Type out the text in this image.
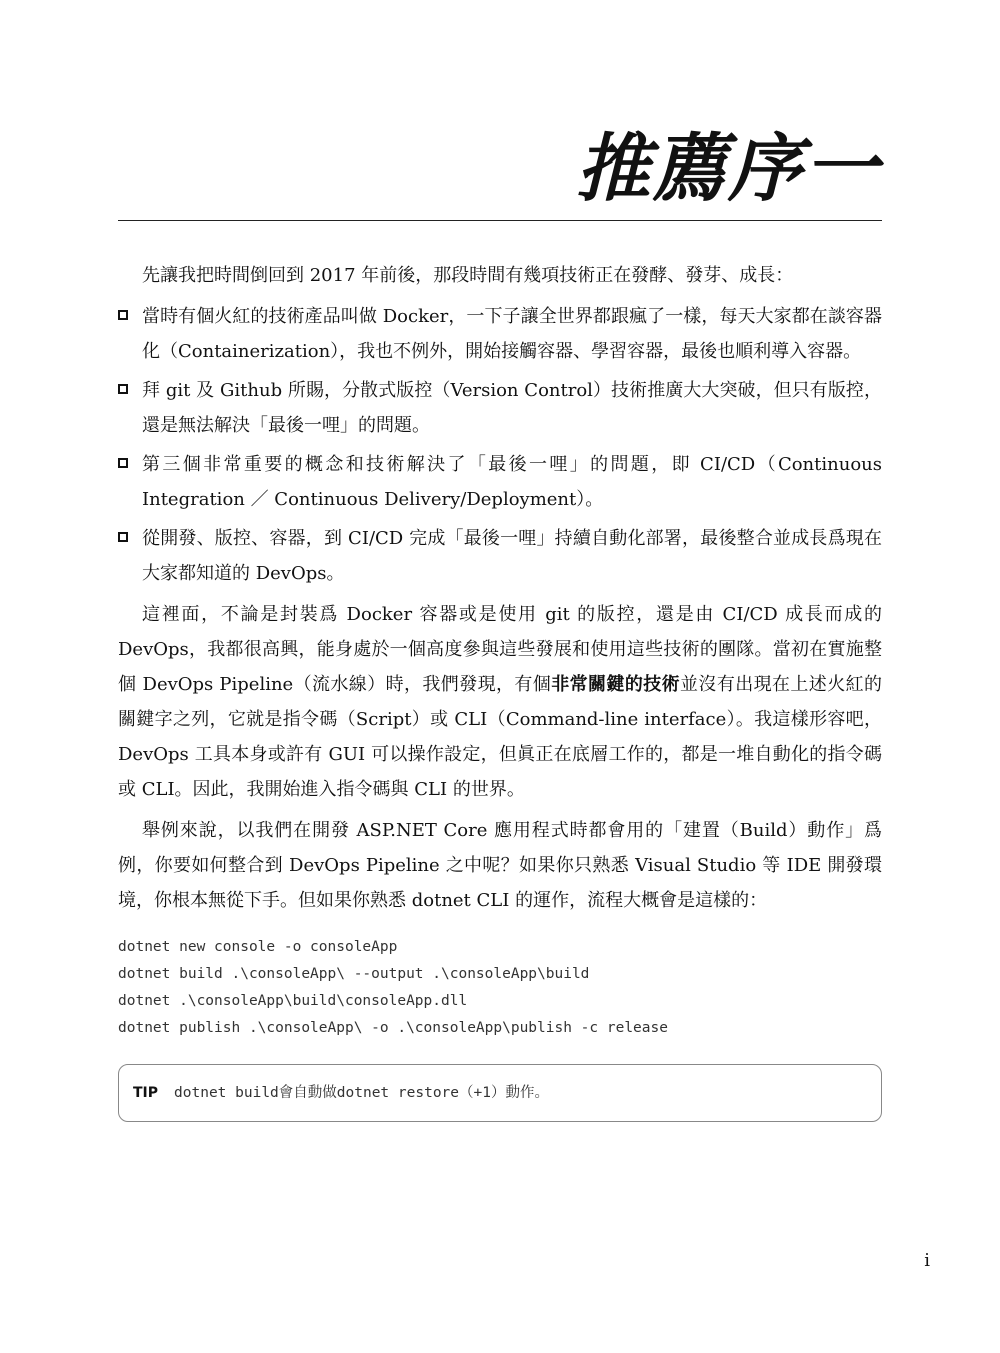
推薦序一

先讓我把時間倒回到 2017 年前後，那段時間有幾項技術正在發酵、發芽、成長：

當時有個火紅的技術產品叫做 Docker，一下子讓全世界都跟瘋了一樣，每天大家都在談容器化（Containerization），我也不例外，開始接觸容器、學習容器，最後也順利導入容器。
拜 git 及 Github 所賜，分散式版控（Version Control）技術推廣大大突破，但只有版控，還是無法解決「最後一哩」的問題。
第三個非常重要的概念和技術解決了「最後一哩」的問題，即 CI/CD（Continuous Integration ／ Continuous Delivery/Deployment）。
從開發、版控、容器，到 CI/CD 完成「最後一哩」持續自動化部署，最後整合並成長爲現在大家都知道的 DevOps。

這裡面，不論是封裝爲 Docker 容器或是使用 git 的版控，還是由 CI/CD 成長而成的 DevOps，我都很高興，能身處於一個高度參與這些發展和使用這些技術的團隊。當初在實施整個 DevOps Pipeline（流水線）時，我們發現，有個非常關鍵的技術並沒有出現在上述火紅的關鍵字之列，它就是指令碼（Script）或 CLI（Command-line interface）。我這樣形容吧，DevOps 工具本身或許有 GUI 可以操作設定，但眞正在底層工作的，都是一堆自動化的指令碼或 CLI。因此，我開始進入指令碼與 CLI 的世界。

舉例來說，以我們在開發 ASP.NET Core 應用程式時都會用的「建置（Build）動作」爲例，你要如何整合到 DevOps Pipeline 之中呢？如果你只熟悉 Visual Studio 等 IDE 開發環境，你根本無從下手。但如果你熟悉 dotnet CLI 的運作，流程大概會是這樣的：

dotnet new console -o consoleApp
dotnet build .\consoleApp\ --output .\consoleApp\build
dotnet .\consoleApp\build\consoleApp.dll
dotnet publish .\consoleApp\ -o .\consoleApp\publish -c release
TIP dotnet build會自動做dotnet restore（+1）動作。
i
